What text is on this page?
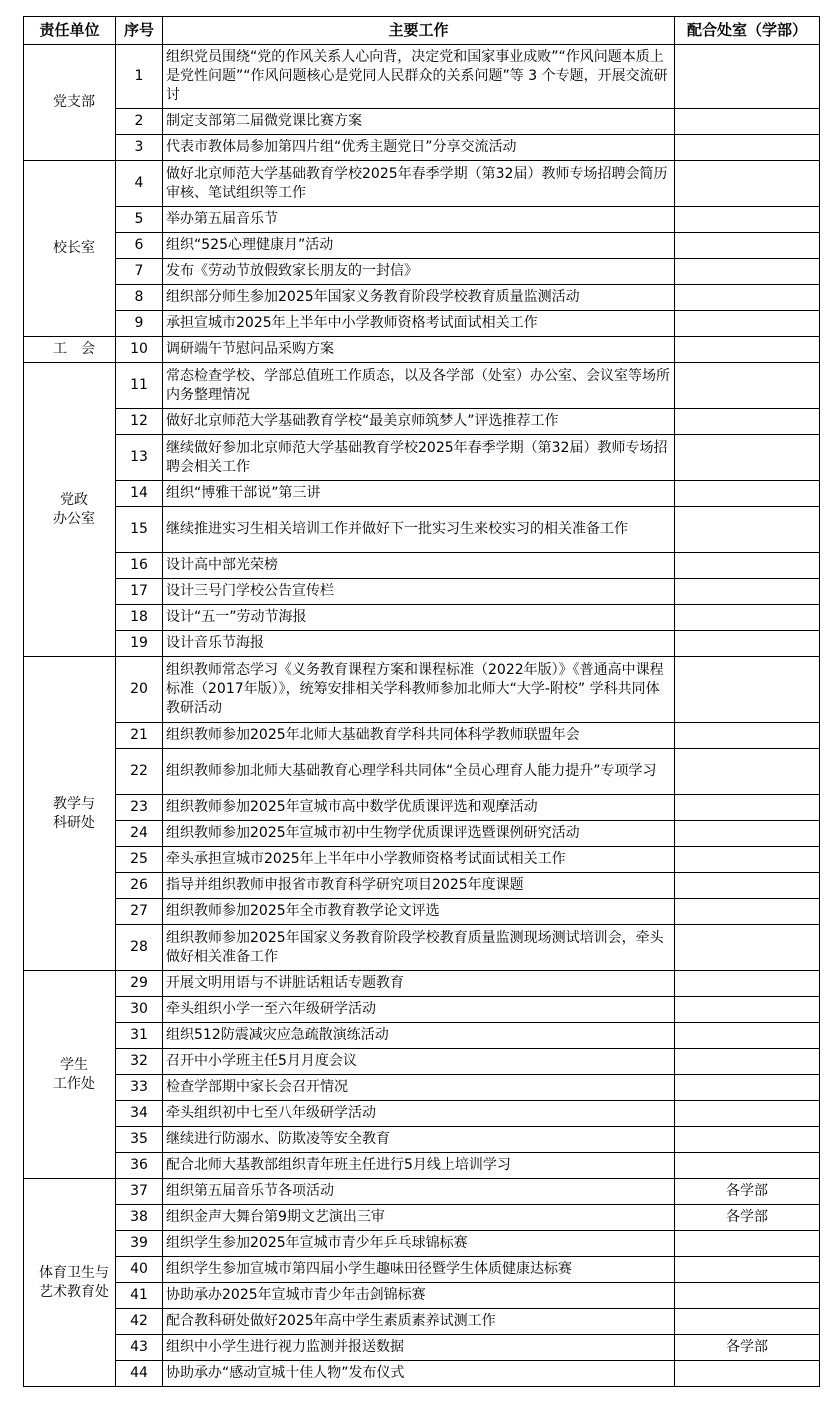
责任单位	序号	主要工作	配合处室（学部）
党支部	1	组织党员围绕“党的作风关系人心向背，决定党和国家事业成败”“作风问题本质上是党性问题”“作风问题核心是党同人民群众的关系问题”等 3 个专题，开展交流研讨	
	2	制定支部第二届微党课比赛方案	
	3	代表市教体局参加第四片组“优秀主题党日”分享交流活动	
校长室	4	做好北京师范大学基础教育学校2025年春季学期（第32届）教师专场招聘会简历审核、笔试组织等工作	
	5	举办第五届音乐节	
	6	组织“525心理健康月”活动	
	7	发布《劳动节放假致家长朋友的一封信》	
	8	组织部分师生参加2025年国家义务教育阶段学校教育质量监测活动	
	9	承担宣城市2025年上半年中小学教师资格考试面试相关工作	
工　会	10	调研端午节慰问品采购方案	
党政
办公室	11	常态检查学校、学部总值班工作质态，以及各学部（处室）办公室、会议室等场所内务整理情况	
	12	做好北京师范大学基础教育学校“最美京师筑梦人”评选推荐工作	
	13	继续做好参加北京师范大学基础教育学校2025年春季学期（第32届）教师专场招聘会相关工作	
	14	组织“博雅干部说”第三讲	
	15	继续推进实习生相关培训工作并做好下一批实习生来校实习的相关准备工作	
	16	设计高中部光荣榜	
	17	设计三号门学校公告宣传栏	
	18	设计“五一”劳动节海报	
	19	设计音乐节海报	
教学与
科研处	20	组织教师常态学习《义务教育课程方案和课程标准（2022年版）》《普通高中课程标准（2017年版）》，统筹安排相关学科教师参加北师大“大学-附校” 学科共同体教研活动	
	21	组织教师参加2025年北师大基础教育学科共同体科学教师联盟年会	
	22	组织教师参加北师大基础教育心理学科共同体“全员心理育人能力提升”专项学习	
	23	组织教师参加2025年宣城市高中数学优质课评选和观摩活动	
	24	组织教师参加2025年宣城市初中生物学优质课评选暨课例研究活动	
	25	牵头承担宣城市2025年上半年中小学教师资格考试面试相关工作	
	26	指导并组织教师申报省市教育科学研究项目2025年度课题	
	27	组织教师参加2025年全市教育教学论文评选	
	28	组织教师参加2025年国家义务教育阶段学校教育质量监测现场测试培训会，牵头做好相关准备工作	
学生
工作处	29	开展文明用语与不讲脏话粗话专题教育	
	30	牵头组织小学一至六年级研学活动	
	31	组织512防震减灾应急疏散演练活动	
	32	召开中小学班主任5月月度会议	
	33	检查学部期中家长会召开情况	
	34	牵头组织初中七至八年级研学活动	
	35	继续进行防溺水、防欺凌等安全教育	
	36	配合北师大基教部组织青年班主任进行5月线上培训学习	
体育卫生与
艺术教育处	37	组织第五届音乐节各项活动	各学部
	38	组织金声大舞台第9期文艺演出三审	各学部
	39	组织学生参加2025年宣城市青少年乒乓球锦标赛	
	40	组织学生参加宣城市第四届小学生趣味田径暨学生体质健康达标赛	
	41	协助承办2025年宣城市青少年击剑锦标赛	
	42	配合教科研处做好2025年高中学生素质素养试测工作	
	43	组织中小学生进行视力监测并报送数据	各学部
	44	协助承办“感动宣城十佳人物”发布仪式	
